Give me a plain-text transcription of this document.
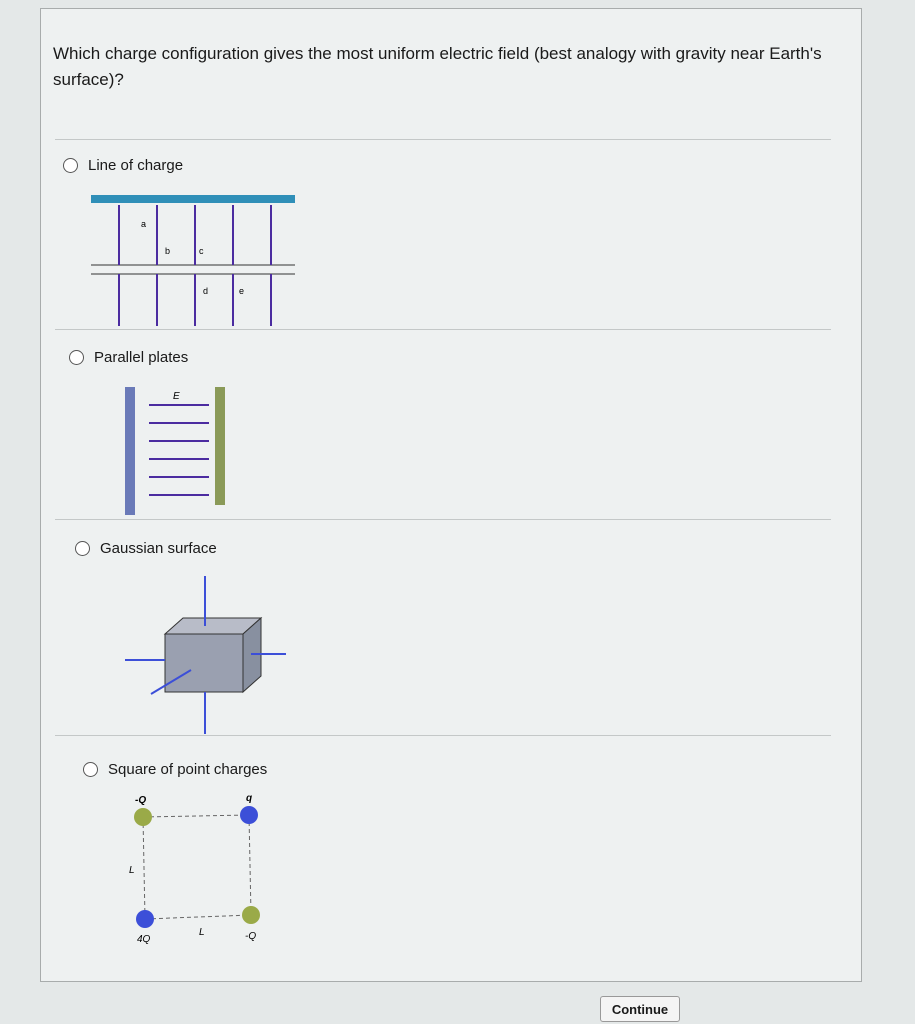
Which charge configuration gives the most uniform electric field (best analogy with gravity near Earth's surface)?
Line of charge
a
b	c
d	e
Parallel plates
E
Gaussian surface
Square of point charges
-Q	q
L
L
4Q	-Q
Continue
